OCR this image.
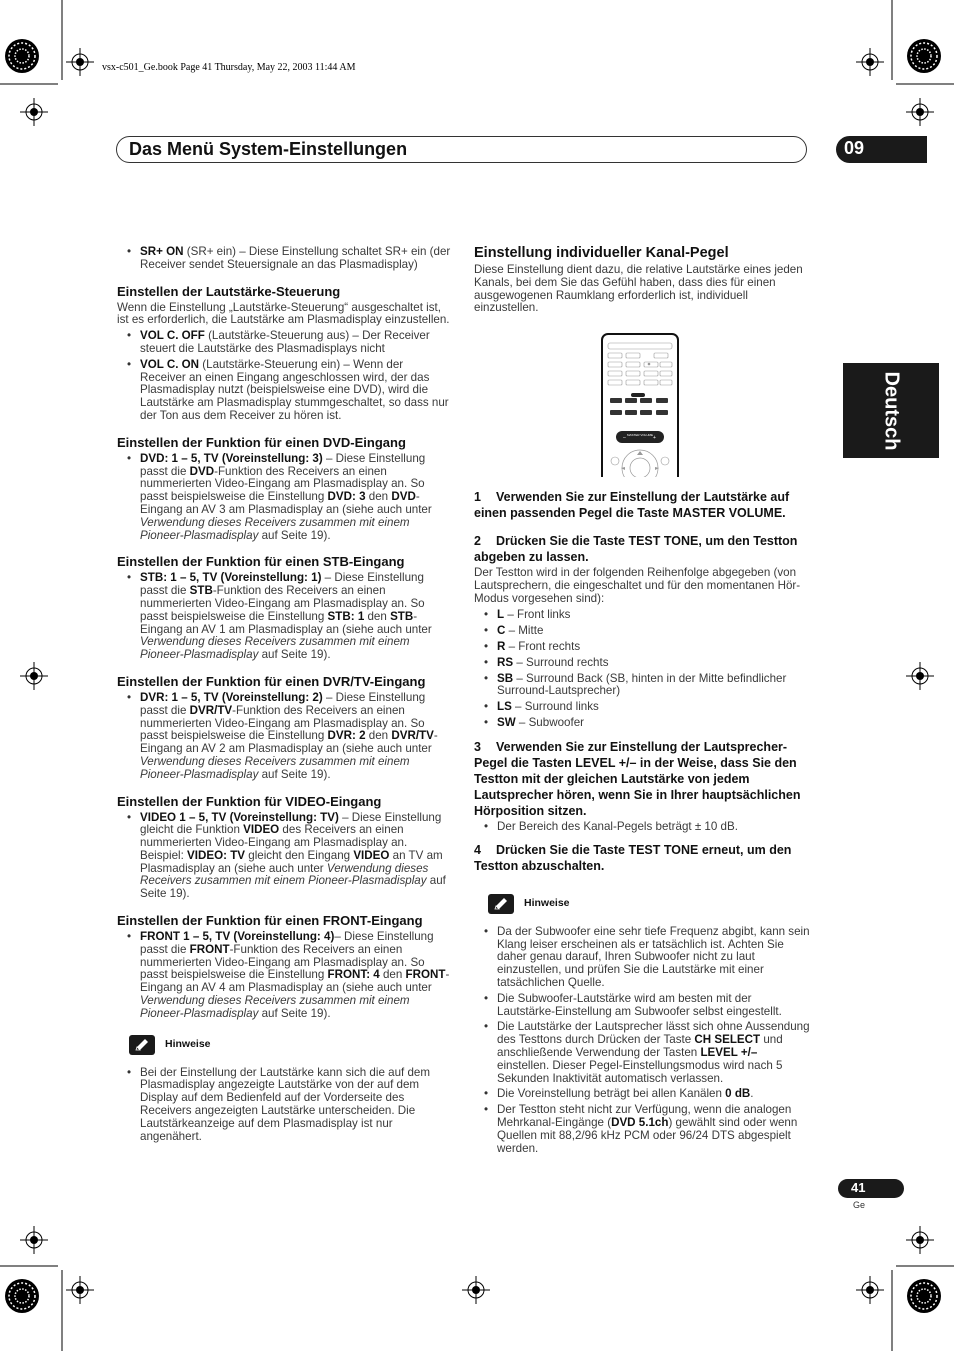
vsx-c501_Ge.book Page 41 Thursday, May 22, 2003 11:44 AM
Das Menü System-Einstellungen	09
Deutsch
• SR+ ON (SR+ ein) – Diese Einstellung schaltet SR+ ein (der Receiver sendet Steuersignale an das Plasmadisplay)
Einstellen der Lautstärke-Steuerung

Wenn die Einstellung „Lautstärke-Steuerung“ ausgeschaltet ist, ist es erforderlich, die Lautstärke am Plasmadisplay einzustellen.

• VOL C. OFF (Lautstärke-Steuerung aus) – Der Receiver steuert die Lautstärke des Plasmadisplays nicht
• VOL C. ON (Lautstärke-Steuerung ein) – Wenn der Receiver an einen Eingang angeschlossen wird, der das Plasmadisplay nutzt (beispielsweise eine DVD), wird die Lautstärke am Plasmadisplay stummgeschaltet, so dass nur der Ton aus dem Receiver zu hören ist.
Einstellen der Funktion für einen DVD-Eingang
• DVD: 1 – 5, TV (Voreinstellung: 3) – Diese Einstellung passt die DVD-Funktion des Receivers an einen nummerierten Video-Eingang am Plasmadisplay an. So passt beispielsweise die Einstellung DVD: 3 den DVD-Eingang an AV 3 am Plasmadisplay an (siehe auch unter Verwendung dieses Receivers zusammen mit einem Pioneer-Plasmadisplay auf Seite 19).
Einstellen der Funktion für einen STB-Eingang
• STB: 1 – 5, TV (Voreinstellung: 1) – Diese Einstellung passt die STB-Funktion des Receivers an einen nummerierten Video-Eingang am Plasmadisplay an. So passt beispielsweise die Einstellung STB: 1 den STB-Eingang an AV 1 am Plasmadisplay an (siehe auch unter Verwendung dieses Receivers zusammen mit einem Pioneer-Plasmadisplay auf Seite 19).
Einstellen der Funktion für einen DVR/TV-Eingang
• DVR: 1 – 5, TV (Voreinstellung: 2) – Diese Einstellung passt die DVR/TV-Funktion des Receivers an einen nummerierten Video-Eingang am Plasmadisplay an. So passt beispielsweise die Einstellung DVR: 2 den DVR/TV-Eingang an AV 2 am Plasmadisplay an (siehe auch unter Verwendung dieses Receivers zusammen mit einem Pioneer-Plasmadisplay auf Seite 19).
Einstellen der Funktion für VIDEO-Eingang
• VIDEO 1 – 5, TV (Voreinstellung: TV) – Diese Einstellung gleicht die Funktion VIDEO des Receivers an einen nummerierten Video-Eingang am Plasmadisplay an. Beispiel: VIDEO: TV gleicht den Eingang VIDEO an TV am Plasmadisplay an (siehe auch unter Verwendung dieses Receivers zusammen mit einem Pioneer-Plasmadisplay auf Seite 19).
Einstellen der Funktion für einen FRONT-Eingang
• FRONT 1 – 5, TV (Voreinstellung: 4)– Diese Einstellung passt die FRONT-Funktion des Receivers an einen nummerierten Video-Eingang am Plasmadisplay an. So passt beispielsweise die Einstellung FRONT: 4 den FRONT-Eingang an AV 4 am Plasmadisplay an (siehe auch unter Verwendung dieses Receivers zusammen mit einem Pioneer-Plasmadisplay auf Seite 19).
Hinweise
• Bei der Einstellung der Lautstärke kann sich die auf dem Plasmadisplay angezeigte Lautstärke von der auf dem Display auf dem Bedienfeld auf der Vorderseite des Receivers angezeigten Lautstärke unterscheiden. Die Lautstärkeanzeige auf dem Plasmadisplay ist nur angenähert.
Einstellung individueller Kanal-Pegel

Diese Einstellung dient dazu, die relative Lautstärke eines jeden Kanals, bei dem Sie das Gefühl haben, dass dies für einen ausgewogenen Raumklang erforderlich ist, individuell einzustellen.

–	+
MASTER VOLUME
1 Verwenden Sie zur Einstellung der Lautstärke auf einen passenden Pegel die Taste MASTER VOLUME.
2 Drücken Sie die Taste TEST TONE, um den Testton abgeben zu lassen.

Der Testton wird in der folgenden Reihenfolge abgegeben (von Lautsprechern, die eingeschaltet und für den momentanen Hör-Modus vorgesehen sind):

• L – Front links
• C – Mitte
• R – Front rechts
• RS – Surround rechts
• SB – Surround Back (SB, hinten in der Mitte befindlicher Surround-Lautsprecher)
• LS – Surround links
• SW – Subwoofer
3 Verwenden Sie zur Einstellung der Lautsprecher-Pegel die Tasten LEVEL +/– in der Weise, dass Sie den Testton mit der gleichen Lautstärke von jedem Lautsprecher hören, wenn Sie in Ihrer hauptsächlichen Hörposition sitzen.
• Der Bereich des Kanal-Pegels beträgt ± 10 dB.
4 Drücken Sie die Taste TEST TONE erneut, um den Testton abzuschalten.
Hinweise
• Da der Subwoofer eine sehr tiefe Frequenz abgibt, kann sein Klang leiser erscheinen als er tatsächlich ist. Achten Sie daher genau darauf, Ihren Subwoofer nicht zu laut einzustellen, und prüfen Sie die Lautstärke mit einer tatsächlichen Quelle.
• Die Subwoofer-Lautstärke wird am besten mit der Lautstärke-Einstellung am Subwoofer selbst eingestellt.
• Die Lautstärke der Lautsprecher lässt sich ohne Aussendung des Testtons durch Drücken der Taste CH SELECT und anschließende Verwendung der Tasten LEVEL +/– einstellen. Dieser Pegel-Einstellungsmodus wird nach 5 Sekunden Inaktivität automatisch verlassen.
• Die Voreinstellung beträgt bei allen Kanälen 0 dB.
• Der Testton steht nicht zur Verfügung, wenn die analogen Mehrkanal-Eingänge (DVD 5.1ch) gewählt sind oder wenn Quellen mit 88,2/96 kHz PCM oder 96/24 DTS abgespielt werden.
41
Ge
